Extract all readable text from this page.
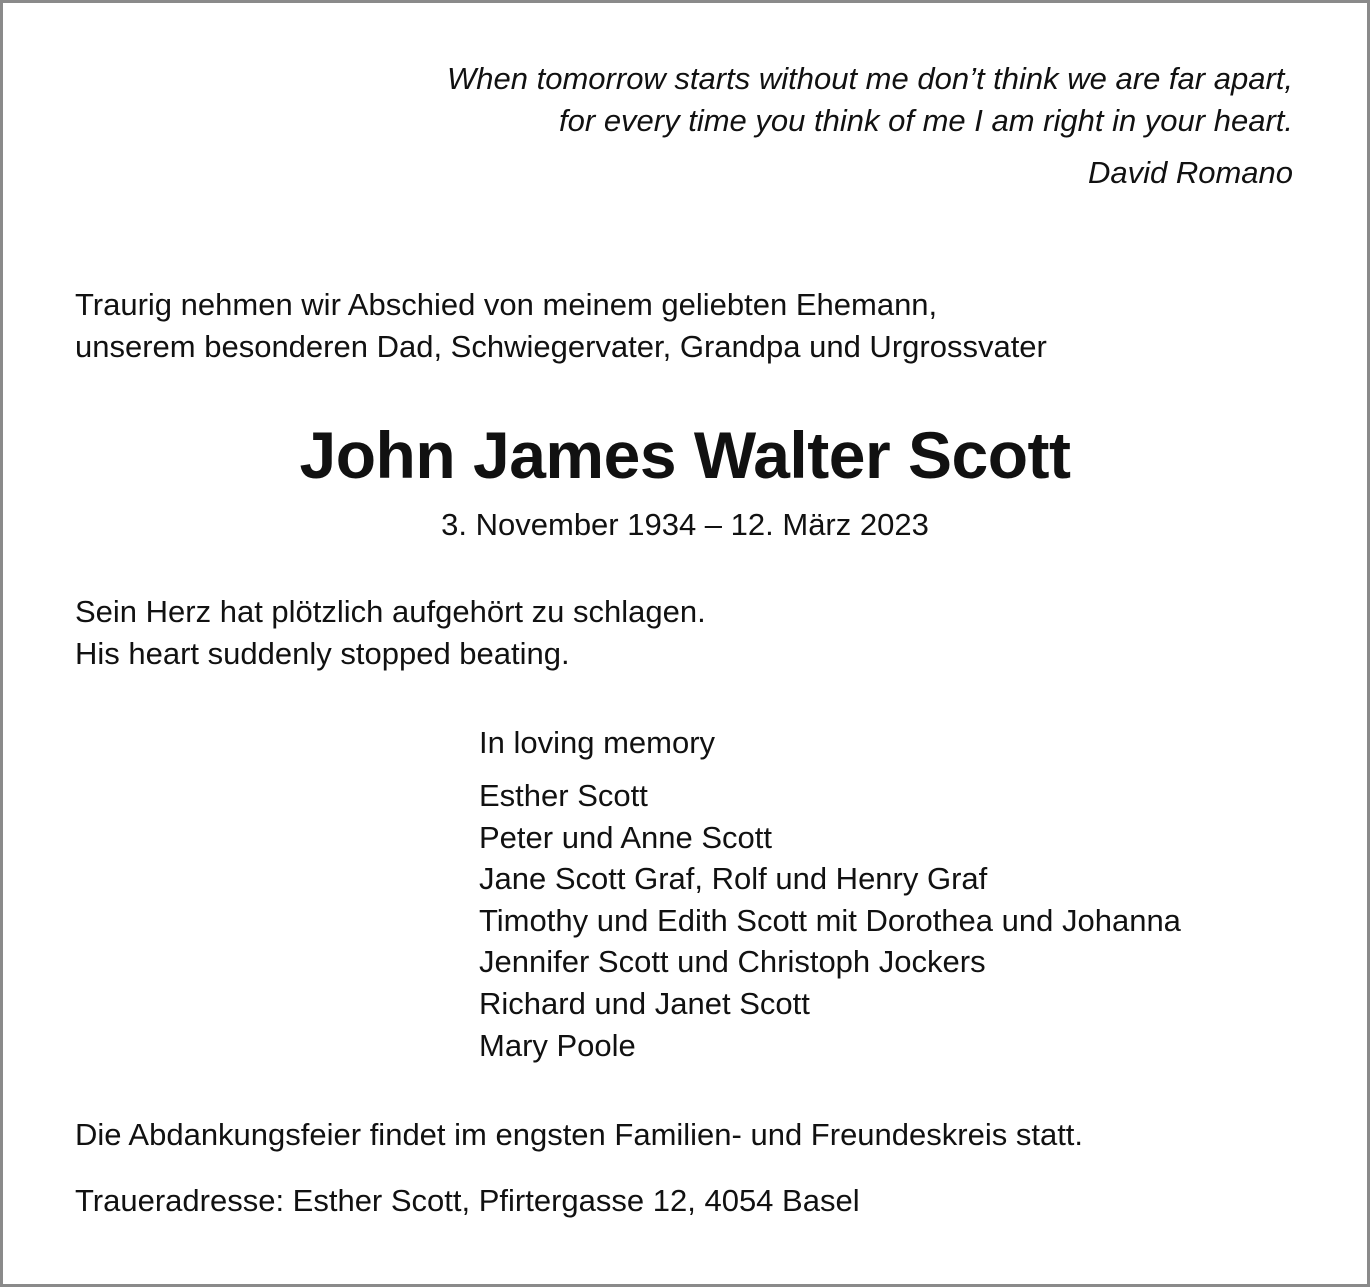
When tomorrow starts without me don’t think we are far apart,
for every time you think of me I am right in your heart.
David Romano
Traurig nehmen wir Abschied von meinem geliebten Ehemann,
unserem besonderen Dad, Schwiegervater, Grandpa und Urgrossvater
John James Walter Scott
3. November 1934 – 12. März 2023
Sein Herz hat plötzlich aufgehört zu schlagen.
His heart suddenly stopped beating.
In loving memory
Esther Scott
Peter und Anne Scott
Jane Scott Graf, Rolf und Henry Graf
Timothy und Edith Scott mit Dorothea und Johanna
Jennifer Scott und Christoph Jockers
Richard und Janet Scott
Mary Poole
Die Abdankungsfeier findet im engsten Familien- und Freundeskreis statt.
Traueradresse: Esther Scott, Pfirtergasse 12, 4054 Basel
